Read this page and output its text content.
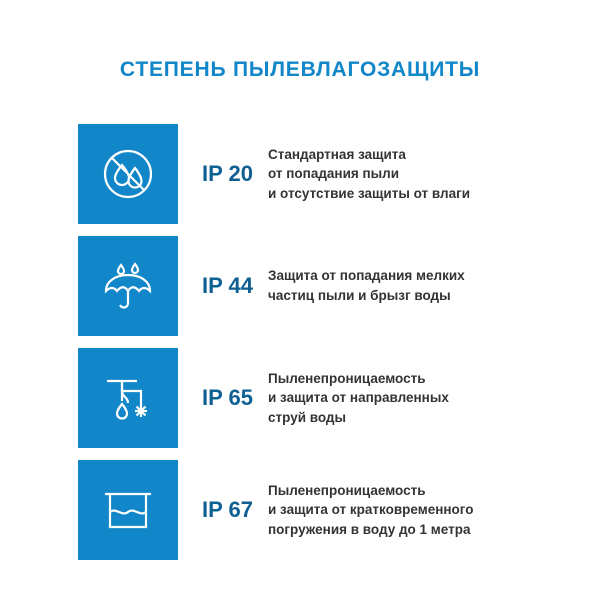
СТЕПЕНЬ ПЫЛЕВЛАГОЗАЩИТЫ
IP 20
Стандартная защита
от попадания пыли
и отсутствие защиты от влаги
IP 44	Защита от попадания мелких
частиц пыли и брызг воды
IP 65
Пыленепроницаемость
и защита от направленных
струй воды
IP 67
Пыленепроницаемость
и защита от кратковременного
погружения в воду до 1 метра
